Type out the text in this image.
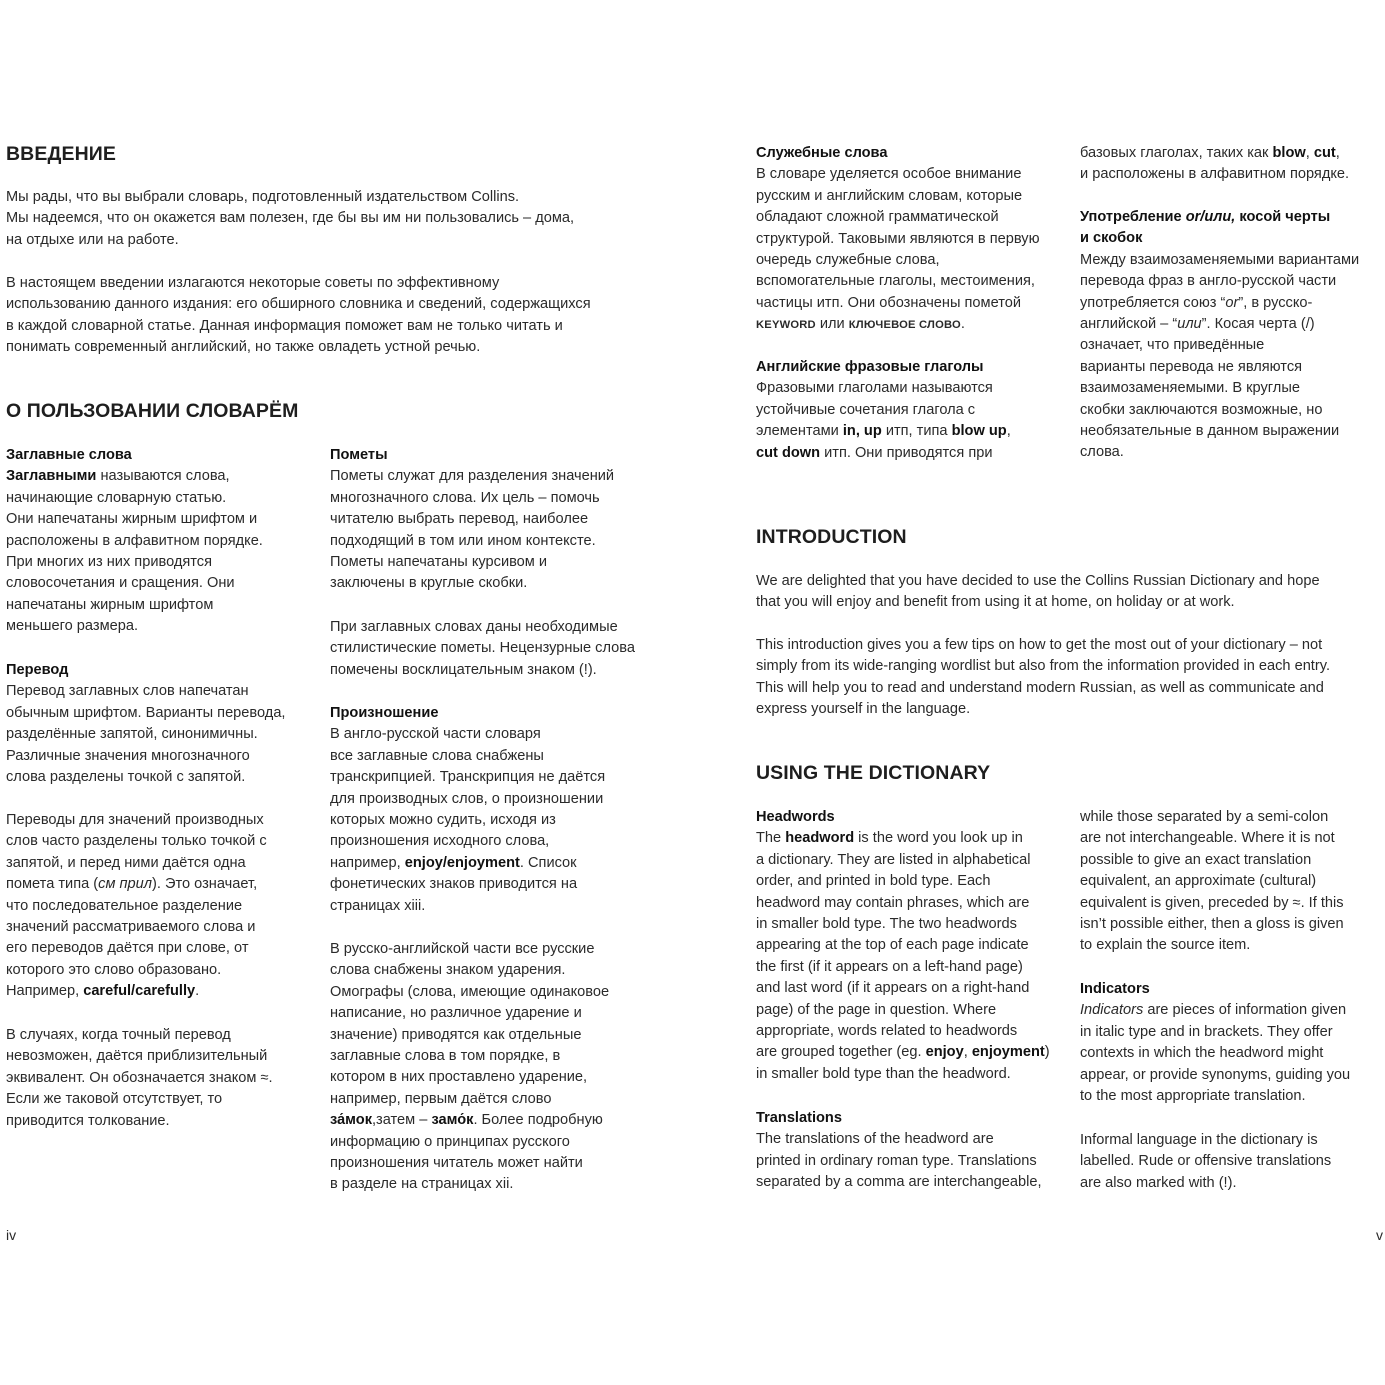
ВВЕДЕНИЕ
Мы рады, что вы выбрали словарь, подготовленный издательством Collins.
Мы надеемся, что он окажется вам полезен, где бы вы им ни пользовались – дома,
на отдыхе или на работе.
В настоящем введении излагаются некоторые советы по эффективному
использованию данного издания: его обширного словника и сведений, содержащихся
в каждой словарной статье. Данная информация поможет вам не только читать и
понимать современный английский, но также овладеть устной речью.
О ПОЛЬЗОВАНИИ СЛОВАРЁМ
Заглавные слова
Заглавными называются слова,
начинающие словарную статью.
Они напечатаны жирным шрифтом и
расположены в алфавитном порядке.
При многих из них приводятся
словосочетания и сращения. Они
напечатаны жирным шрифтом
меньшего размера.
Перевод
Перевод заглавных слов напечатан
обычным шрифтом. Варианты перевода,
разделённые запятой, синонимичны.
Различные значения многозначного
слова разделены точкой с запятой.
Переводы для значений производных
слов часто разделены только точкой с
запятой, и перед ними даётся одна
помета типа (см прил). Это означает,
что последовательное разделение
значений рассматриваемого слова и
его переводов даётся при слове, от
которого это слово образовано.
Например, careful/carefully.
В случаях, когда точный перевод
невозможен, даётся приблизительный
эквивалент. Он обозначается знаком ≈.
Если же таковой отсутствует, то
приводится толкование.
Пометы
Пометы служат для разделения значений
многозначного слова. Их цель – помочь
читателю выбрать перевод, наиболее
подходящий в том или ином контексте.
Пометы напечатаны курсивом и
заключены в круглые скобки.
При заглавных словах даны необходимые
стилистические пометы. Нецензурные слова
помечены восклицательным знаком (!).
Произношение
В англо-русской части словаря
все заглавные слова снабжены
транскрипцией. Транскрипция не даётся
для производных слов, о произношении
которых можно судить, исходя из
произношения исходного слова,
например, enjoy/enjoyment. Список
фонетических знаков приводится на
страницах xiii.
В русско-английской части все русские
слова снабжены знаком ударения.
Омографы (слова, имеющие одинаковое
написание, но различное ударение и
значение) приводятся как отдельные
заглавные слова в том порядке, в
котором в них проставлено ударение,
например, первым даётся слово
за́мок,затем – замо́к. Более подробную
информацию о принципах русского
произношения читатель может найти
в разделе на страницах xii.
iv
Служебные слова
В словаре уделяется особое внимание
русским и английским словам, которые
обладают сложной грамматической
структурой. Таковыми являются в первую
очередь служебные слова,
вспомогательные глаголы, местоимения,
частицы итп. Они обозначены пометой
KEYWORD или КЛЮЧЕВОЕ СЛОВО.
Английские фразовые глаголы
Фразовыми глаголами называются
устойчивые сочетания глагола с
элементами in, up итп, типа blow up,
cut down итп. Они приводятся при
базовых глаголах, таких как blow, cut,
и расположены в алфавитном порядке.
Употребление or/или, косой черты
и скобок
Между взаимозаменяемыми вариантами
перевода фраз в англо-русской части
употребляется союз “or”, в русско-
английской – “или”. Косая черта (/)
означает, что приведённые
варианты перевода не являются
взаимозаменяемыми. В круглые
скобки заключаются возможные, но
необязательные в данном выражении
слова.
INTRODUCTION
We are delighted that you have decided to use the Collins Russian Dictionary and hope
that you will enjoy and benefit from using it at home, on holiday or at work.
This introduction gives you a few tips on how to get the most out of your dictionary – not
simply from its wide-ranging wordlist but also from the information provided in each entry.
This will help you to read and understand modern Russian, as well as communicate and
express yourself in the language.
USING THE DICTIONARY
Headwords
The headword is the word you look up in
a dictionary. They are listed in alphabetical
order, and printed in bold type. Each
headword may contain phrases, which are
in smaller bold type. The two headwords
appearing at the top of each page indicate
the first (if it appears on a left-hand page)
and last word (if it appears on a right-hand
page) of the page in question. Where
appropriate, words related to headwords
are grouped together (eg. enjoy, enjoyment)
in smaller bold type than the headword.
Translations
The translations of the headword are
printed in ordinary roman type. Translations
separated by a comma are interchangeable,
while those separated by a semi-colon
are not interchangeable. Where it is not
possible to give an exact translation
equivalent, an approximate (cultural)
equivalent is given, preceded by ≈. If this
isn’t possible either, then a gloss is given
to explain the source item.
Indicators
Indicators are pieces of information given
in italic type and in brackets. They offer
contexts in which the headword might
appear, or provide synonyms, guiding you
to the most appropriate translation.
Informal language in the dictionary is
labelled. Rude or offensive translations
are also marked with (!).
v
